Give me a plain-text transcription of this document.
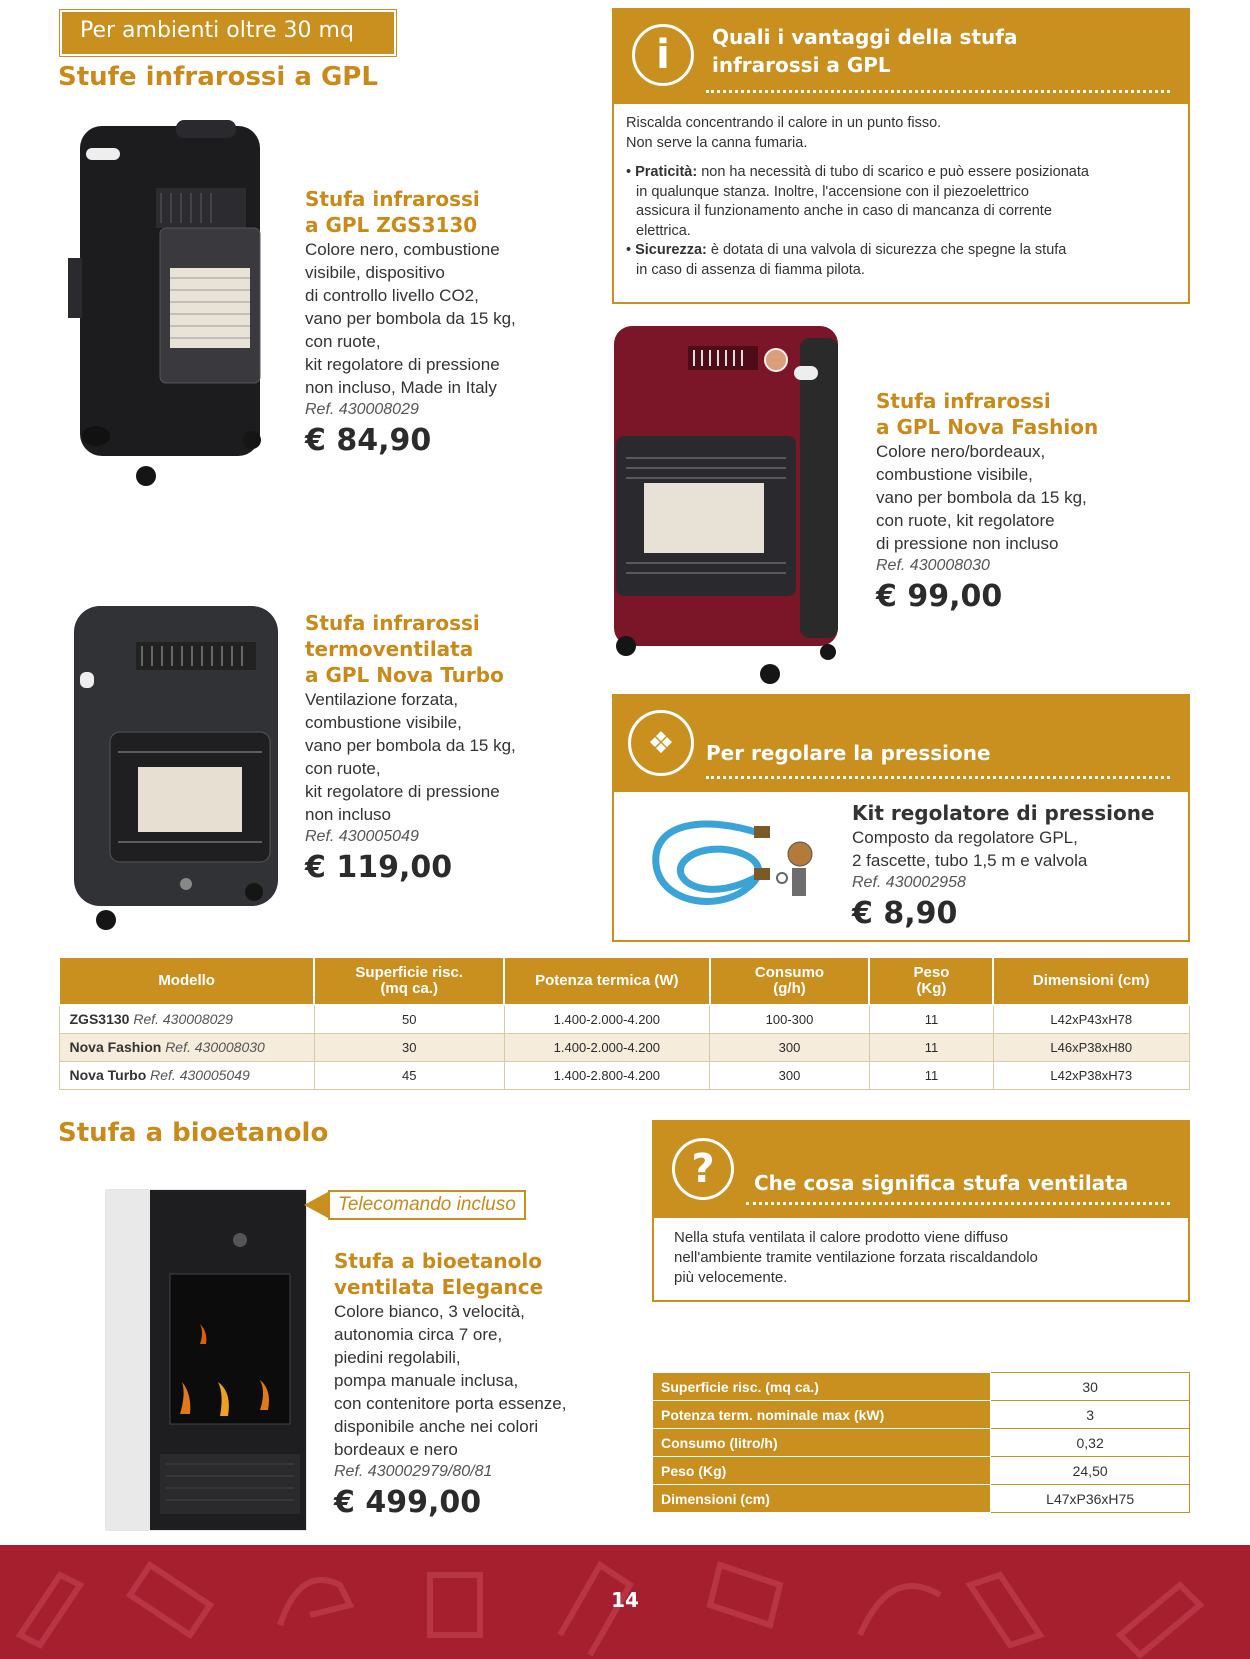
Per ambienti oltre 30 mq
Stufe infrarossi a GPL
Stufa infrarossi
a GPL ZGS3130
Colore nero, combustione
visibile, dispositivo
di controllo livello CO2,
vano per bombola da 15 kg,
con ruote,
kit regolatore di pressione
non incluso, Made in Italy
Ref. 430008029
€ 84,90
i	Quali i vantaggi della stufa
infrarossi a GPL
Riscalda concentrando il calore in un punto fisso.
Non serve la canna fumaria.
• Praticità: non ha necessità di tubo di scarico e può essere posizionata
in qualunque stanza. Inoltre, l'accensione con il piezoelettrico
assicura il funzionamento anche in caso di mancanza di corrente
elettrica.
• Sicurezza: è dotata di una valvola di sicurezza che spegne la stufa
in caso di assenza di fiamma pilota.
Stufa infrarossi
a GPL Nova Fashion
Colore nero/bordeaux,
combustione visibile,
vano per bombola da 15 kg,
con ruote, kit regolatore
di pressione non incluso
Ref. 430008030
€ 99,00
Stufa infrarossi
termoventilata
a GPL Nova Turbo
Ventilazione forzata,
combustione visibile,
vano per bombola da 15 kg,
con ruote,
kit regolatore di pressione
non incluso
Ref. 430005049
€ 119,00
❖	Per regolare la pressione
Kit regolatore di pressione
Composto da regolatore GPL,
2 fascette, tubo 1,5 m e valvola
Ref. 430002958
€ 8,90
Modello	Superficie risc. (mq ca.)	Potenza termica (W)	Consumo (g/h)	Peso (Kg)	Dimensioni (cm)
ZGS3130 Ref. 430008029	50	1.400-2.000-4.200	100-300	11	L42xP43xH78
Nova Fashion Ref. 430008030	30	1.400-2.000-4.200	300	11	L46xP38xH80
Nova Turbo Ref. 430005049	45	1.400-2.800-4.200	300	11	L42xP38xH73
Stufa a bioetanolo
Telecomando incluso
Stufa a bioetanolo
ventilata Elegance
Colore bianco, 3 velocità,
autonomia circa 7 ore,
piedini regolabili,
pompa manuale inclusa,
con contenitore porta essenze,
disponibile anche nei colori
bordeaux e nero
Ref. 430002979/80/81
€ 499,00
?	Che cosa significa stufa ventilata
Nella stufa ventilata il calore prodotto viene diffuso
nell'ambiente tramite ventilazione forzata riscaldandolo
più velocemente.
Superficie risc. (mq ca.)	30
Potenza term. nominale max (kW)	3
Consumo (litro/h)	0,32
Peso (Kg)	24,50
Dimensioni (cm)	L47xP36xH75
14
